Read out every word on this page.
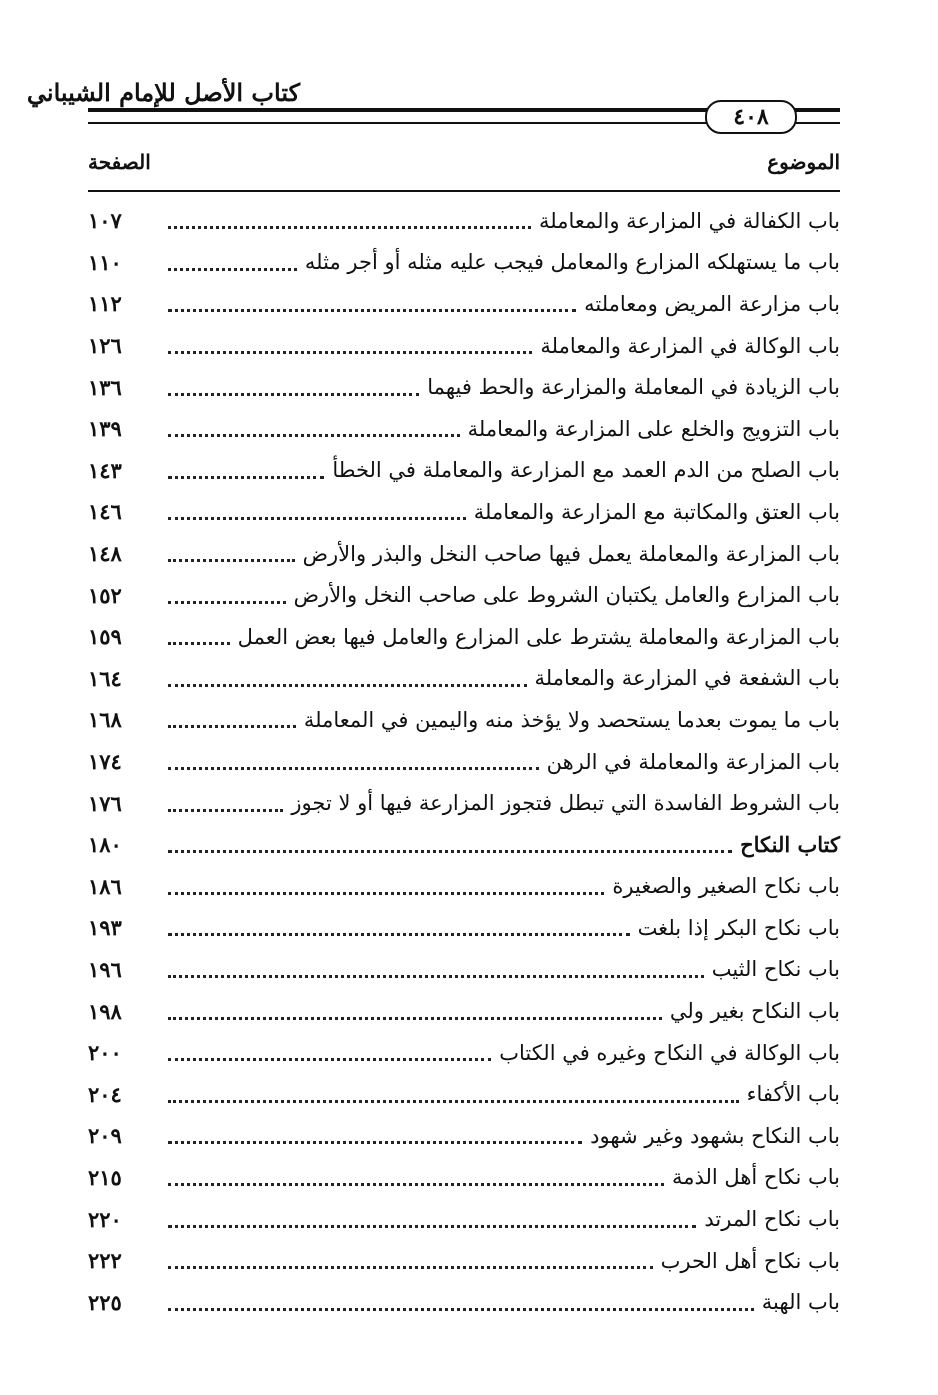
كتاب الأصل للإمام الشيباني
٤٠٨
الموضوع
الصفحة
باب الكفالة في المزارعة والمعاملة
١٠٧
باب ما يستهلكه المزارع والمعامل فيجب عليه مثله أو أجر مثله
١١٠
باب مزارعة المريض ومعاملته
١١٢
باب الوكالة في المزارعة والمعاملة
١٢٦
باب الزيادة في المعاملة والمزارعة والحط فيهما
١٣٦
باب التزويج والخلع على المزارعة والمعاملة
١٣٩
باب الصلح من الدم العمد مع المزارعة والمعاملة في الخطأ
١٤٣
باب العتق والمكاتبة مع المزارعة والمعاملة
١٤٦
باب المزارعة والمعاملة يعمل فيها صاحب النخل والبذر والأرض
١٤٨
باب المزارع والعامل يكتبان الشروط على صاحب النخل والأرض
١٥٢
باب المزارعة والمعاملة يشترط على المزارع والعامل فيها بعض العمل
١٥٩
باب الشفعة في المزارعة والمعاملة
١٦٤
باب ما يموت بعدما يستحصد ولا يؤخذ منه واليمين في المعاملة
١٦٨
باب المزارعة والمعاملة في الرهن
١٧٤
باب الشروط الفاسدة التي تبطل فتجوز المزارعة فيها أو لا تجوز
١٧٦
كتاب النكاح
١٨٠
باب نكاح الصغير والصغيرة
١٨٦
باب نكاح البكر إذا بلغت
١٩٣
باب نكاح الثيب
١٩٦
باب النكاح بغير ولي
١٩٨
باب الوكالة في النكاح وغيره في الكتاب
٢٠٠
باب الأكفاء
٢٠٤
باب النكاح بشهود وغير شهود
٢٠٩
باب نكاح أهل الذمة
٢١٥
باب نكاح المرتد
٢٢٠
باب نكاح أهل الحرب
٢٢٢
باب الهبة
٢٢٥
